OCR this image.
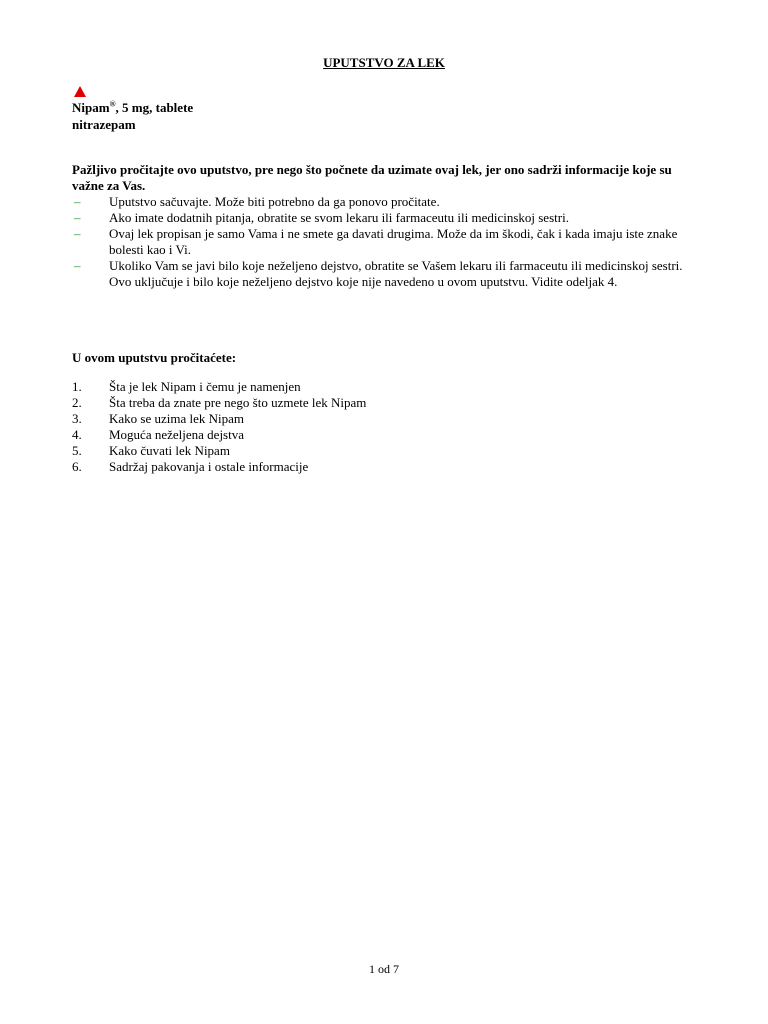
UPUTSTVO ZA LEK
Nipam®, 5 mg, tablete
nitrazepam
Pažljivo pročitajte ovo uputstvo, pre nego što počnete da uzimate ovaj lek, jer ono sadrži informacije koje su važne za Vas.
– Uputstvo sačuvajte. Može biti potrebno da ga ponovo pročitate.
– Ako imate dodatnih pitanja, obratite se svom lekaru ili farmaceutu ili medicinskoj sestri.
– Ovaj lek propisan je samo Vama i ne smete ga davati drugima. Može da im škodi, čak i kada imaju iste znake bolesti kao i Vi.
– Ukoliko Vam se javi bilo koje neželjeno dejstvo, obratite se Vašem lekaru ili farmaceutu ili medicinskoj sestri. Ovo uključuje i bilo koje neželjeno dejstvo koje nije navedeno u ovom uputstvu. Vidite odeljak 4.
U ovom uputstvu pročitaćete:
1. Šta je lek Nipam i čemu je namenjen
2. Šta treba da znate pre nego što uzmete lek Nipam
3. Kako se uzima lek Nipam
4. Moguća neželjena dejstva
5. Kako čuvati lek Nipam
6. Sadržaj pakovanja i ostale informacije
1 od 7
